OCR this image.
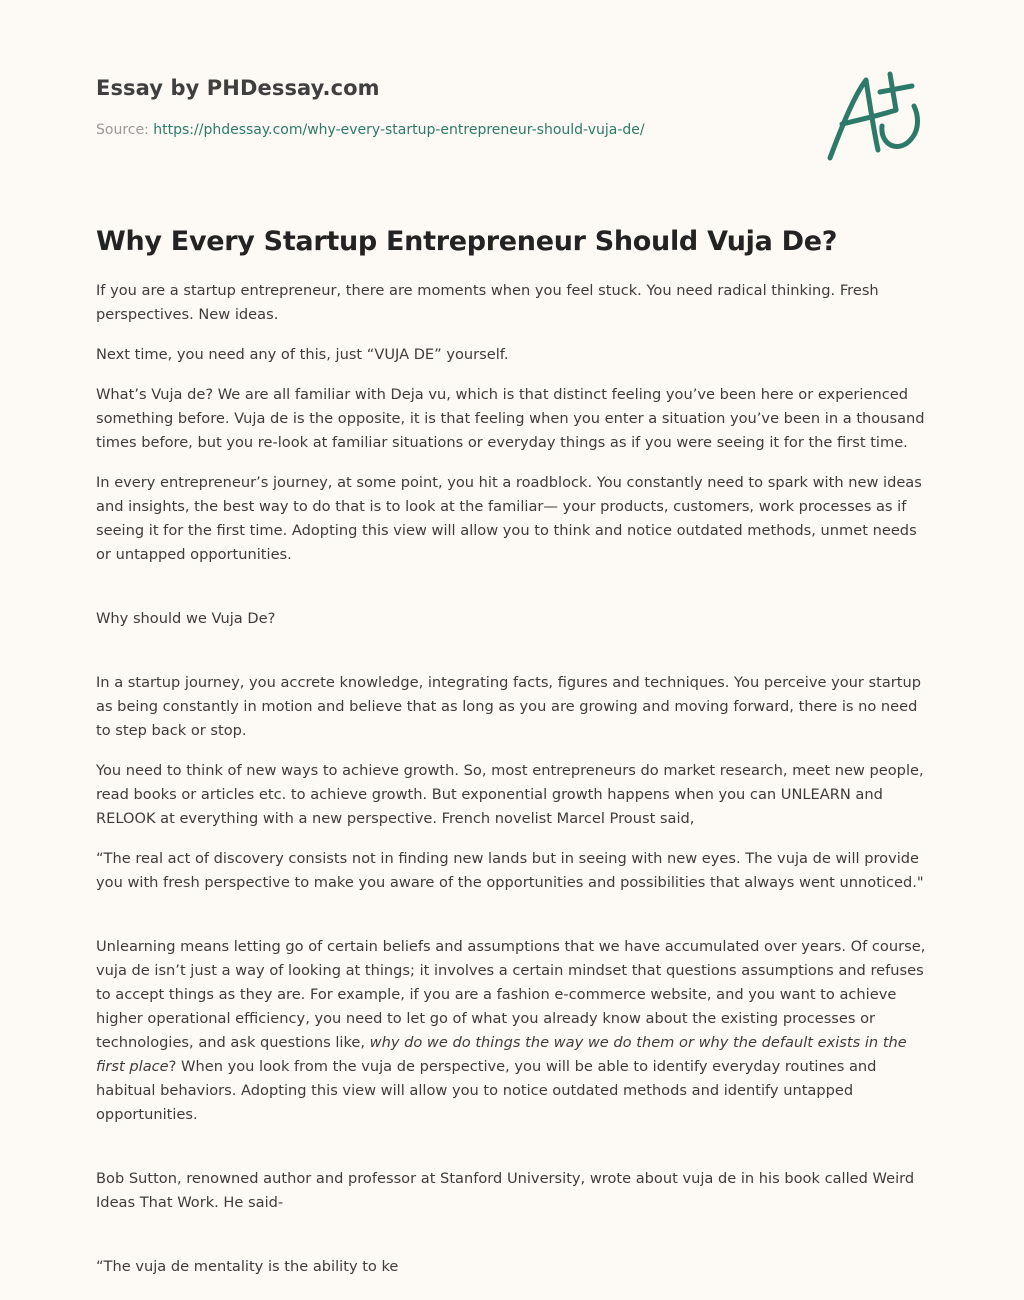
Essay by PHDessay.com
Source: https://phdessay.com/why-every-startup-entrepreneur-should-vuja-de/
Why Every Startup Entrepreneur Should Vuja De?

If you are a startup entrepreneur, there are moments when you feel stuck. You need radical thinking. Fresh perspectives. New ideas.

Next time, you need any of this, just “VUJA DE” yourself.

What’s Vuja de? We are all familiar with Deja vu, which is that distinct feeling you’ve been here or experienced something before. Vuja de is the opposite, it is that feeling when you enter a situation you’ve been in a thousand times before, but you re-look at familiar situations or everyday things as if you were seeing it for the first time.

In every entrepreneur’s journey, at some point, you hit a roadblock. You constantly need to spark with new ideas and insights, the best way to do that is to look at the familiar— your products, customers, work processes as if seeing it for the first time. Adopting this view will allow you to think and notice outdated methods, unmet needs or untapped opportunities.

Why should we Vuja De?

In a startup journey, you accrete knowledge, integrating facts, figures and techniques. You perceive your startup as being constantly in motion and believe that as long as you are growing and moving forward, there is no need to step back or stop.

You need to think of new ways to achieve growth. So, most entrepreneurs do market research, meet new people, read books or articles etc. to achieve growth. But exponential growth happens when you can UNLEARN and RELOOK at everything with a new perspective. French novelist Marcel Proust said,

“The real act of discovery consists not in finding new lands but in seeing with new eyes. The vuja de will provide you with fresh perspective to make you aware of the opportunities and possibilities that always went unnoticed."

Unlearning means letting go of certain beliefs and assumptions that we have accumulated over years. Of course, vuja de isn’t just a way of looking at things; it involves a certain mindset that questions assumptions and refuses to accept things as they are. For example, if you are a fashion e-commerce website, and you want to achieve higher operational efficiency, you need to let go of what you already know about the existing processes or technologies, and ask questions like, why do we do things the way we do them or why the default exists in the first place? When you look from the vuja de perspective, you will be able to identify everyday routines and habitual behaviors. Adopting this view will allow you to notice outdated methods and identify untapped opportunities.

Bob Sutton, renowned author and professor at Stanford University, wrote about vuja de in his book called Weird Ideas That Work. He said-

“The vuja de mentality is the ability to ke
